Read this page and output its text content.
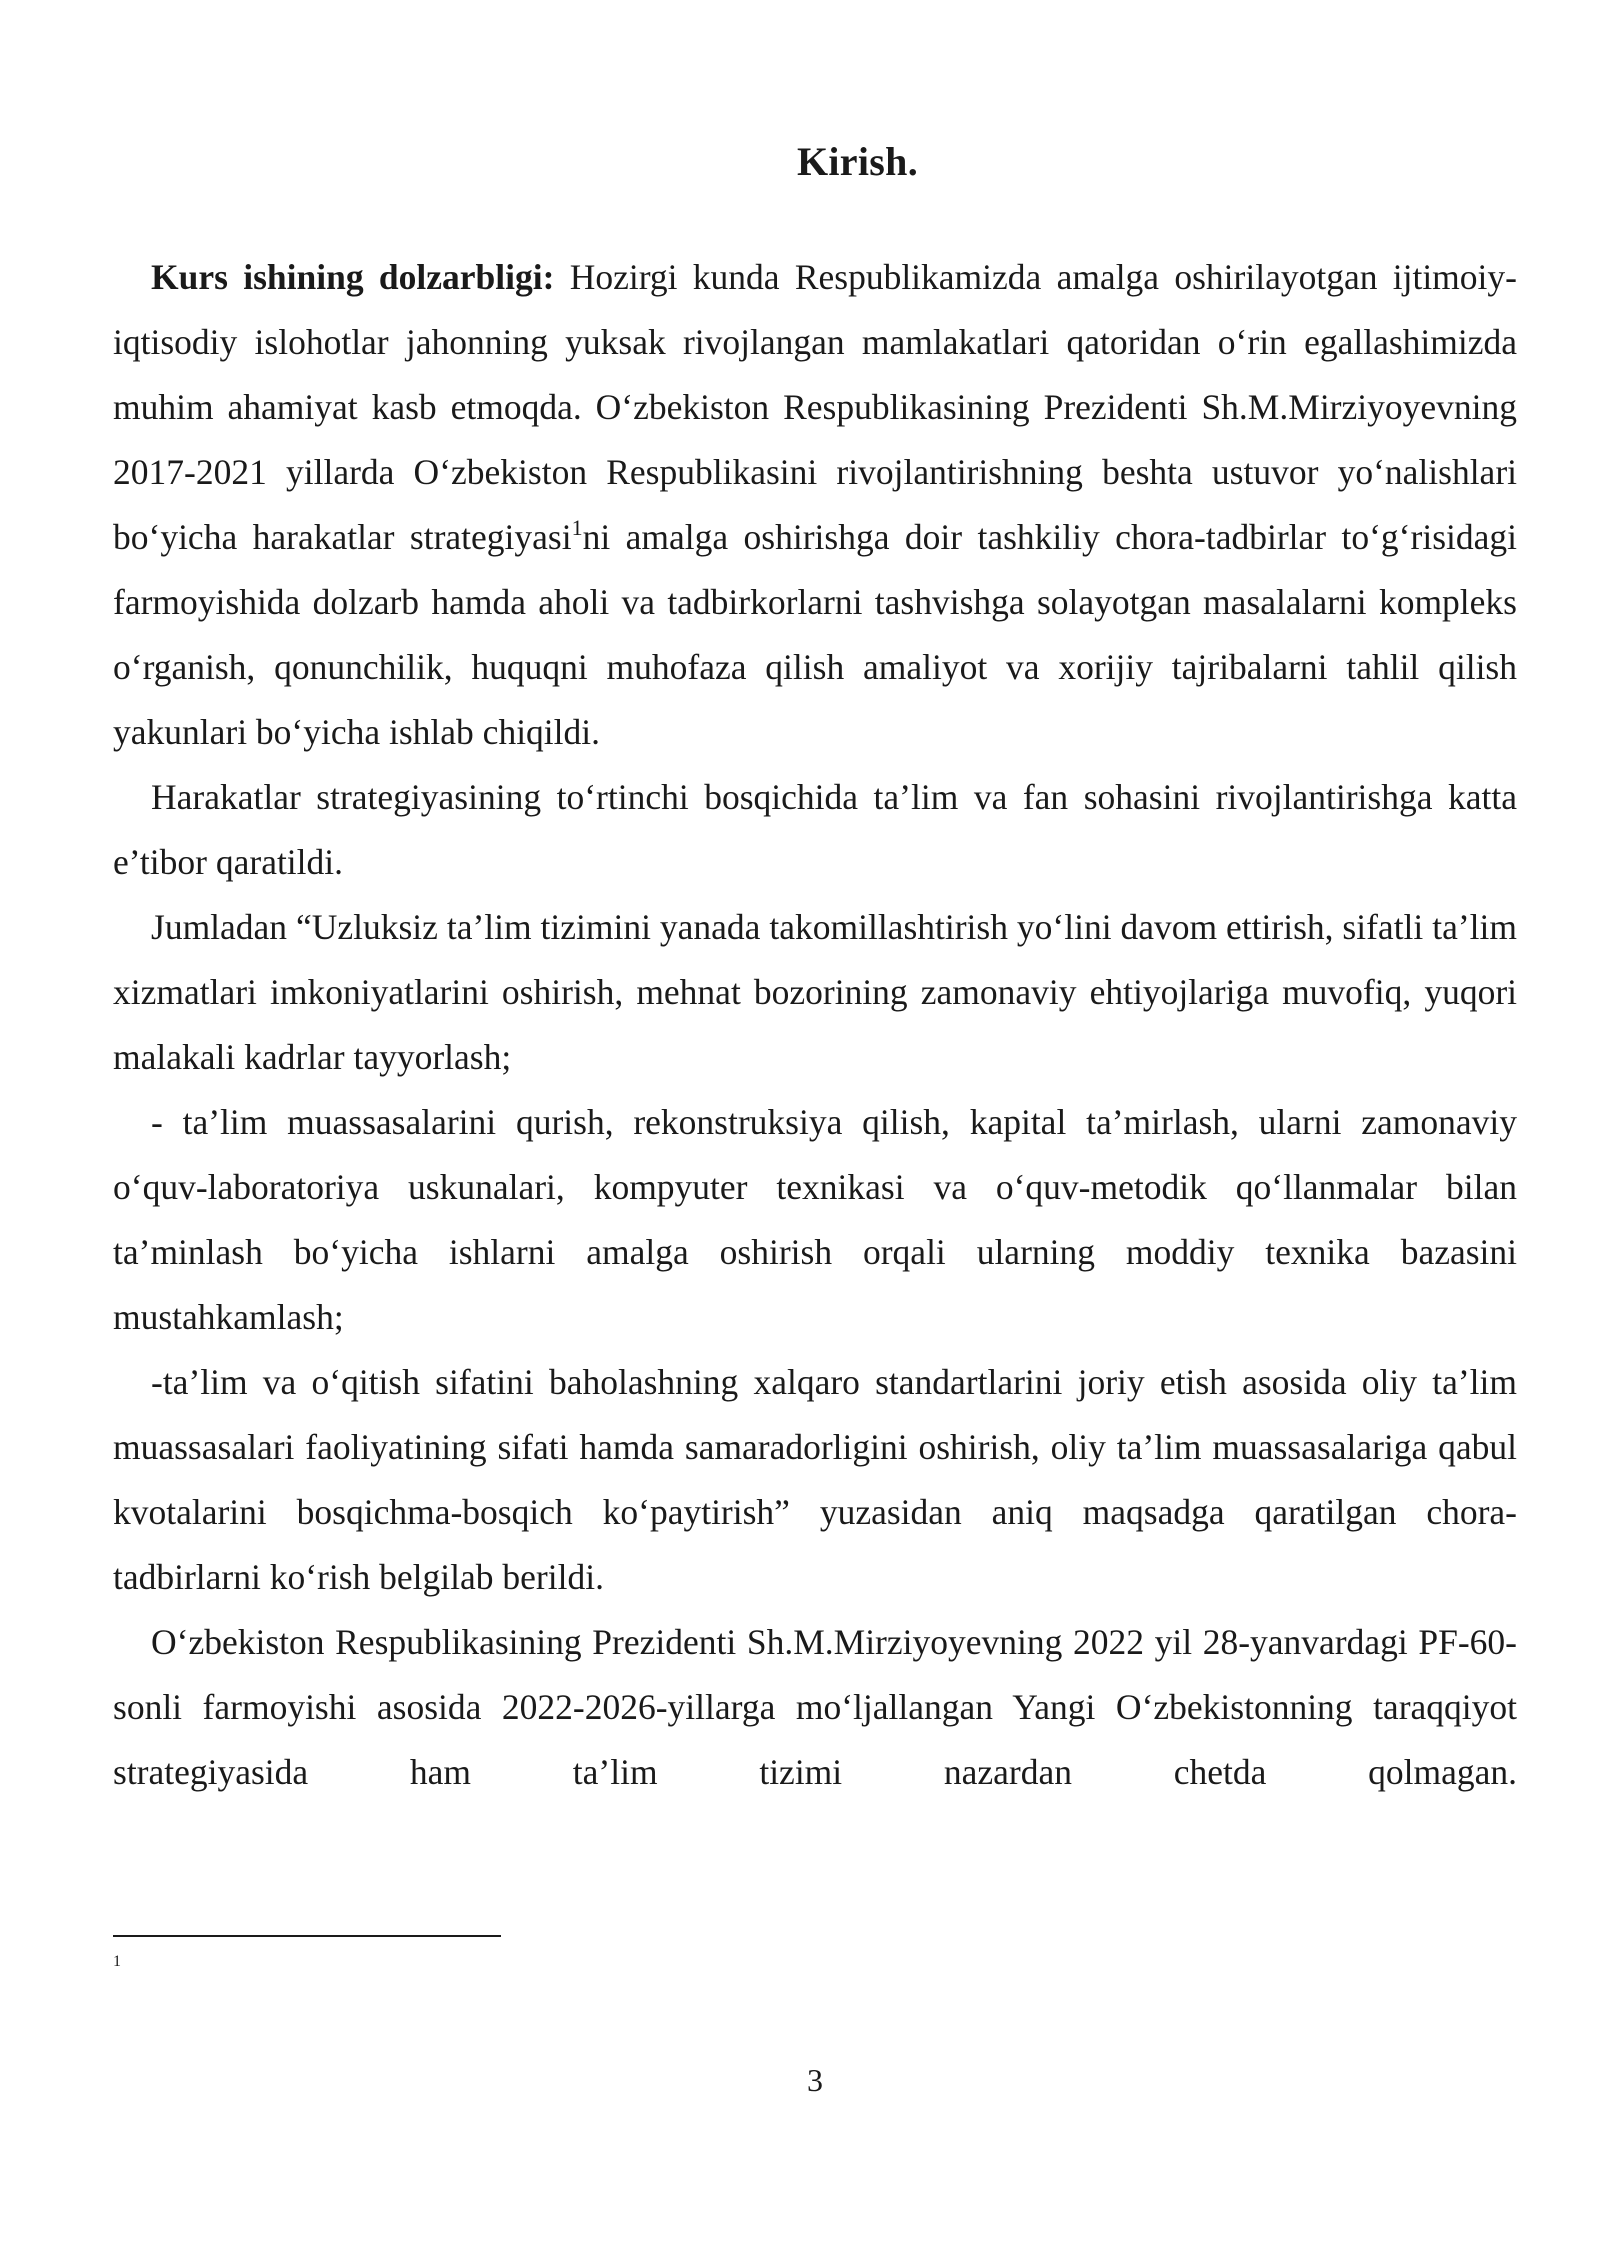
Kirish.

Kurs ishining dolzarbligi: Hozirgi kunda Respublikamizda amalga oshirilayotgan ijtimoiy-iqtisodiy islohotlar jahonning yuksak rivojlangan mamlakatlari qatoridan o‘rin egallashimizda muhim ahamiyat kasb etmoqda. O‘zbekiston Respublikasining Prezidenti Sh.M.Mirziyoyevning 2017-2021 yillarda O‘zbekiston Respublikasini rivojlantirishning beshta ustuvor yo‘nalishlari bo‘yicha harakatlar strategiyasi$^1$ni amalga oshirishga doir tashkiliy chora-tadbirlar to‘g‘risidagi farmoyishida dolzarb hamda aholi va tadbirkorlarni tashvishga solayotgan masalalarni kompleks o‘rganish, qonunchilik, huquqni muhofaza qilish amaliyot va xorijiy tajribalarni tahlil qilish yakunlari bo‘yicha ishlab chiqildi.

Harakatlar strategiyasining to‘rtinchi bosqichida ta’lim va fan sohasini rivojlantirishga katta e’tibor qaratildi.

Jumladan “Uzluksiz ta’lim tizimini yanada takomillashtirish yo‘lini davom ettirish, sifatli ta’lim xizmatlari imkoniyatlarini oshirish, mehnat bozorining zamonaviy ehtiyojlariga muvofiq, yuqori malakali kadrlar tayyorlash;

- ta’lim muassasalarini qurish, rekonstruksiya qilish, kapital ta’mirlash, ularni zamonaviy o‘quv-laboratoriya uskunalari, kompyuter texnikasi va o‘quv-metodik qo‘llanmalar bilan ta’minlash bo‘yicha ishlarni amalga oshirish orqali ularning moddiy texnika bazasini mustahkamlash;

-ta’lim va o‘qitish sifatini baholashning xalqaro standartlarini joriy etish asosida oliy ta’lim muassasalari faoliyatining sifati hamda samaradorligini oshirish, oliy ta’lim muassasalariga qabul kvotalarini bosqichma-bosqich ko‘paytirish” yuzasidan aniq maqsadga qaratilgan chora-tadbirlarni ko‘rish belgilab berildi.

O‘zbekiston Respublikasining Prezidenti Sh.M.Mirziyoyevning 2022 yil 28-yanvardagi PF-60-sonli farmoyishi asosida 2022-2026-yillarga mo‘ljallangan Yangi O‘zbekistonning taraqqiyot strategiyasida ham ta’lim tizimi nazardan chetda qolmagan.

1
3
